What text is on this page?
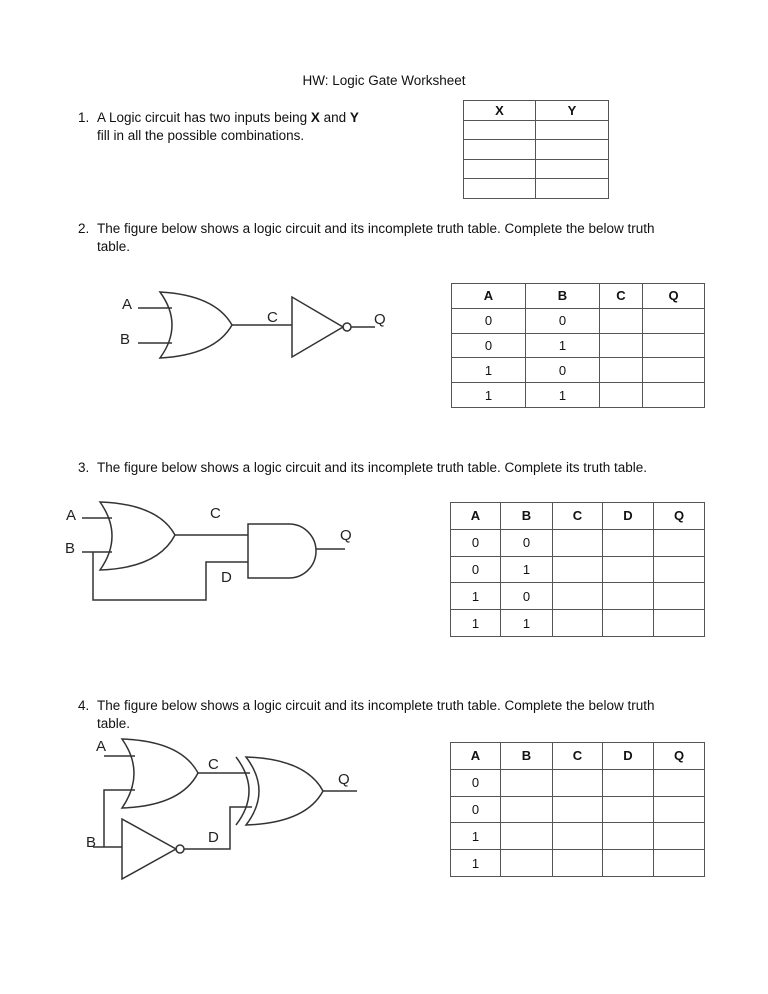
HW: Logic Gate Worksheet
1. A Logic circuit has two inputs being X and Y
fill in all the possible combinations.
X	Y

2. The figure below shows a logic circuit and its incomplete truth table. Complete the below truth
table.
A	B	C	Q
0	0		
0	1		
1	0		
1	1		
A
B
C	Q
3. The figure below shows a logic circuit and its incomplete truth table. Complete its truth table.
A	B	C	D	Q
0	0			
0	1			
1	0			
1	1			
A
B
C
D
Q
4. The figure below shows a logic circuit and its incomplete truth table. Complete the below truth
table.
A	B	C	D	Q
0				
0				
1				
1				
A
C
Q
B	D
